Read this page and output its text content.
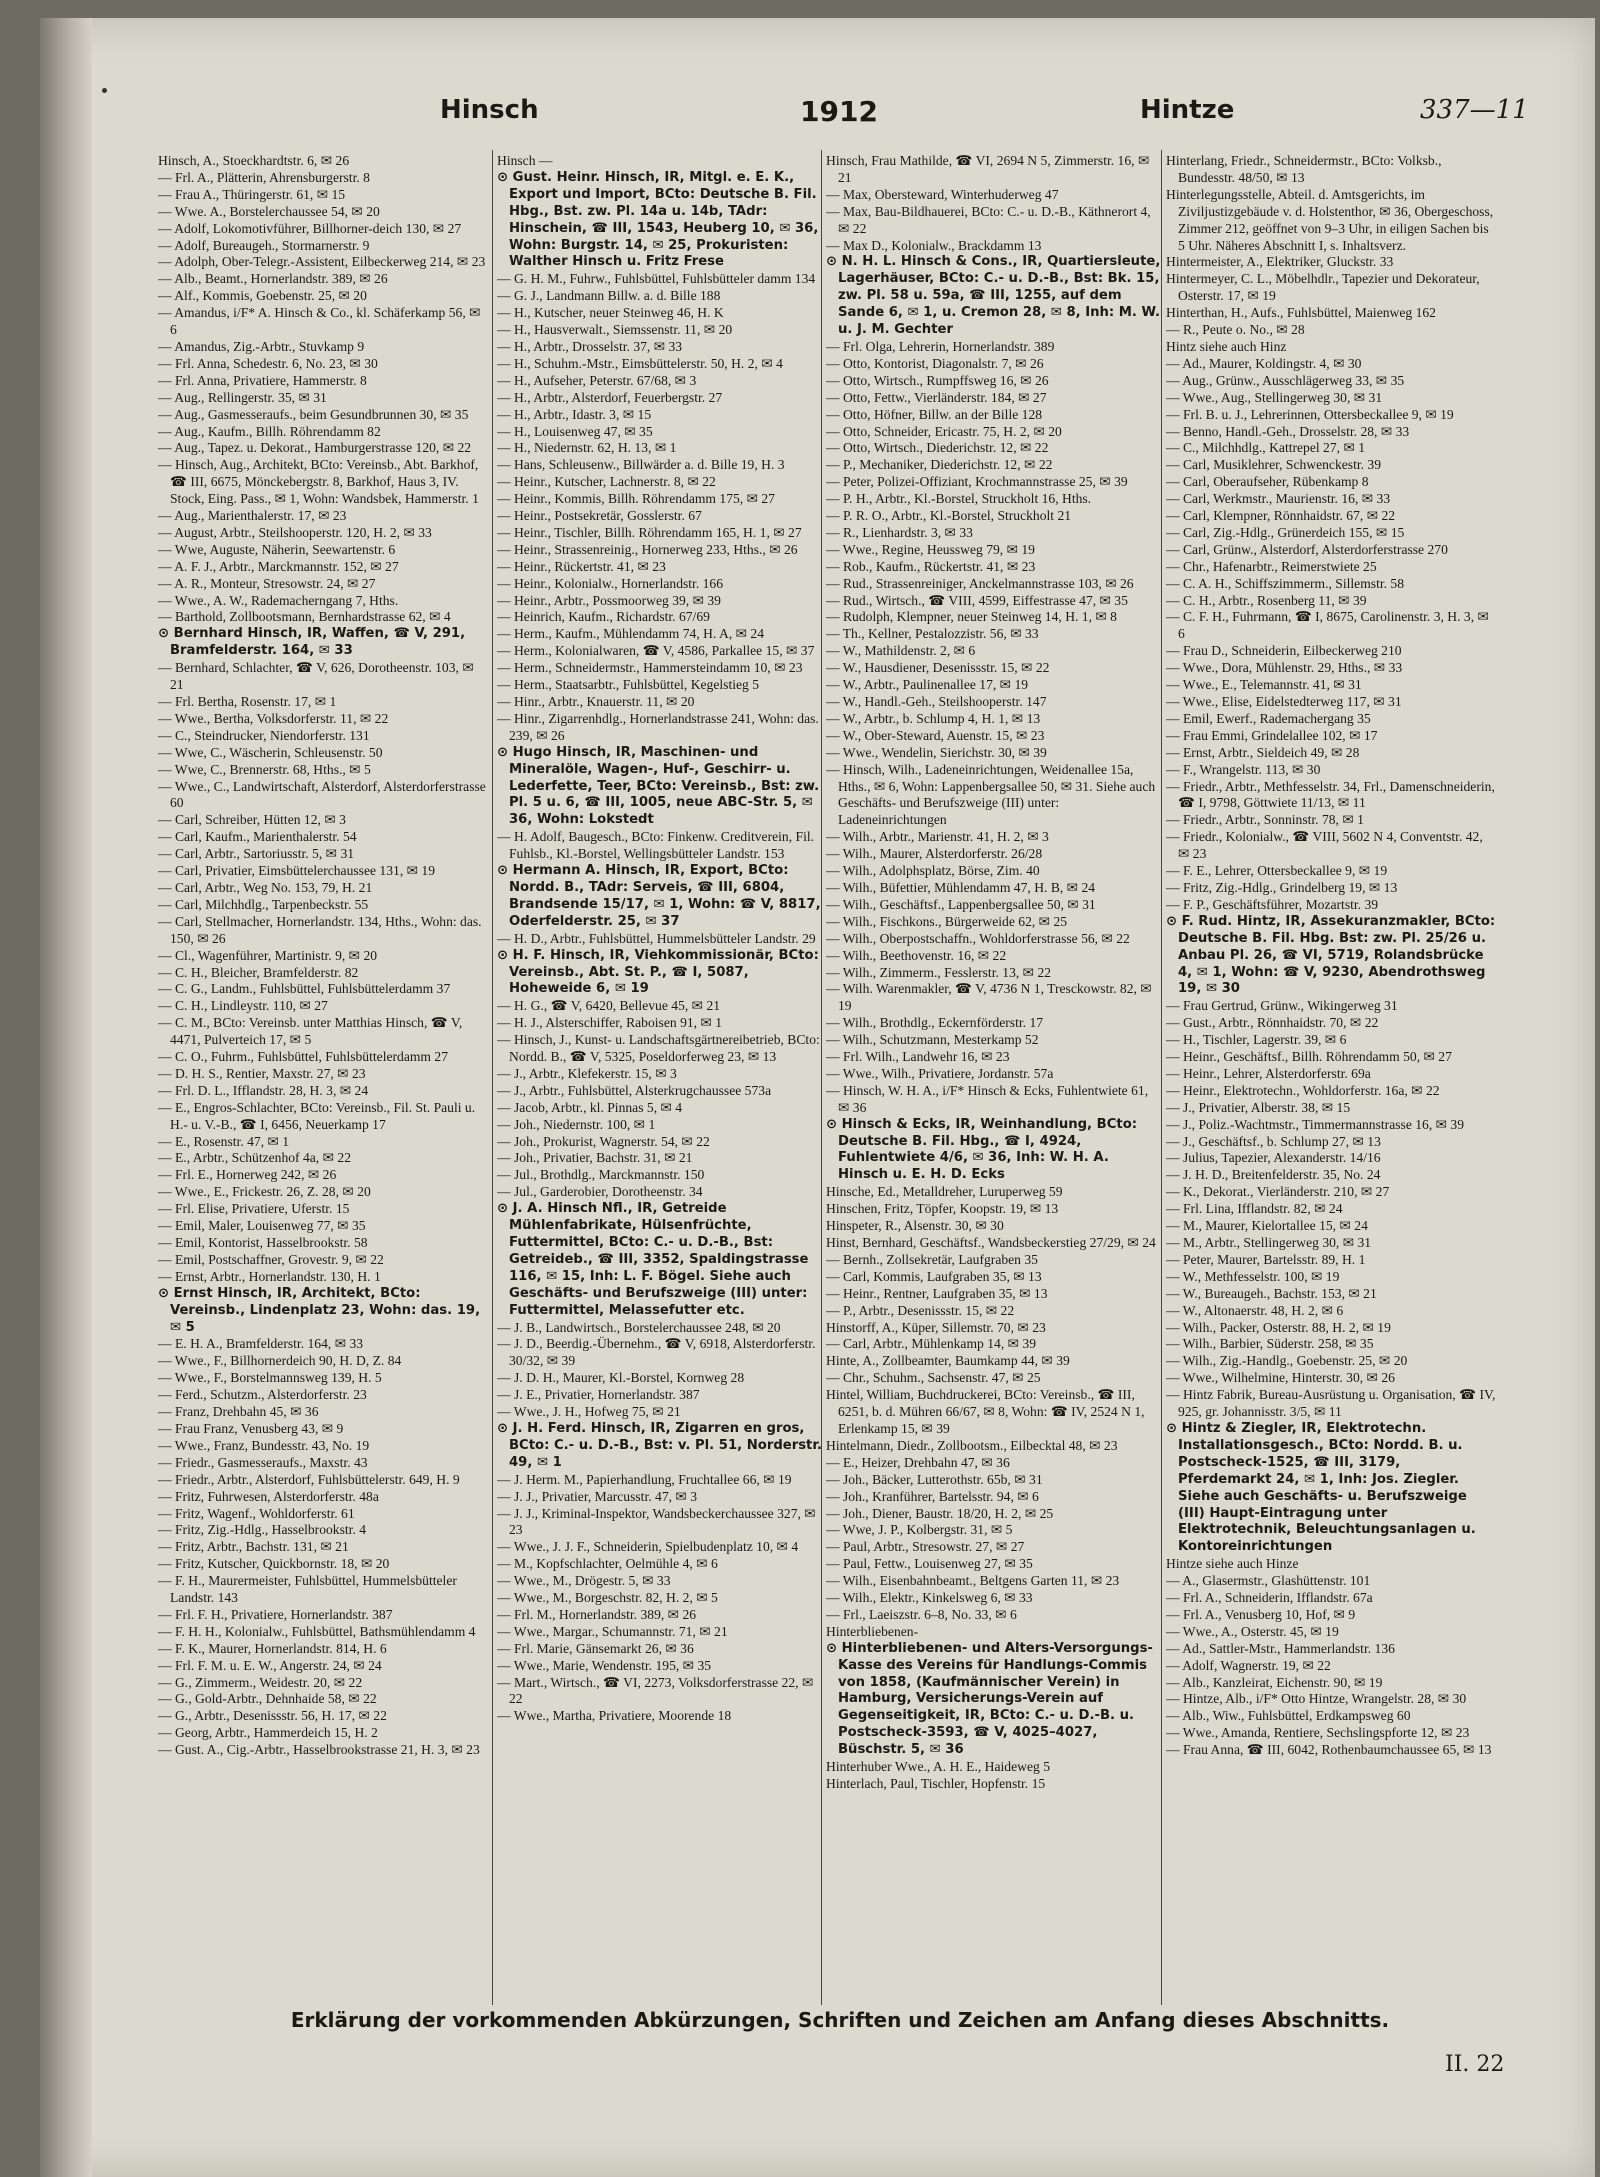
Hinsch	1912	Hintze	337—11

Hinsch, A., Stoeckhardtstr. 6, ✉ 26

— Frl. A., Plätterin, Ahrensburgerstr. 8

— Frau A., Thüringerstr. 61, ✉ 15

— Wwe. A., Borstelerchaussee 54, ✉ 20

— Adolf, Lokomotivführer, Billhorner-deich 130, ✉ 27

— Adolf, Bureaugeh., Stormarnerstr. 9

— Adolph, Ober-Telegr.-Assistent, Eilbeckerweg 214, ✉ 23

— Alb., Beamt., Hornerlandstr. 389, ✉ 26

— Alf., Kommis, Goebenstr. 25, ✉ 20

— Amandus, i/F* A. Hinsch & Co., kl. Schäferkamp 56, ✉ 6

— Amandus, Zig.-Arbtr., Stuvkamp 9

— Frl. Anna, Schedestr. 6, No. 23, ✉ 30

— Frl. Anna, Privatiere, Hammerstr. 8

— Aug., Rellingerstr. 35, ✉ 31

— Aug., Gasmesseraufs., beim Gesundbrunnen 30, ✉ 35

— Aug., Kaufm., Billh. Röhrendamm 82

— Aug., Tapez. u. Dekorat., Hamburgerstrasse 120, ✉ 22

— Hinsch, Aug., Architekt, BCto: Vereinsb., Abt. Barkhof, ☎ III, 6675, Mönckebergstr. 8, Barkhof, Haus 3, IV. Stock, Eing. Pass., ✉ 1, Wohn: Wandsbek, Hammerstr. 1

— Aug., Marienthalerstr. 17, ✉ 23

— August, Arbtr., Steilshooperstr. 120, H. 2, ✉ 33

— Wwe, Auguste, Näherin, Seewartenstr. 6

— A. F. J., Arbtr., Marckmannstr. 152, ✉ 27

— A. R., Monteur, Stresowstr. 24, ✉ 27

— Wwe., A. W., Rademacherngang 7, Hths.

— Barthold, Zollbootsmann, Bernhardstrasse 62, ✉ 4

⊙ Bernhard Hinsch, IR, Waffen, ☎ V, 291, Bramfelderstr. 164, ✉ 33

— Bernhard, Schlachter, ☎ V, 626, Dorotheenstr. 103, ✉ 21

— Frl. Bertha, Rosenstr. 17, ✉ 1

— Wwe., Bertha, Volksdorferstr. 11, ✉ 22

— C., Steindrucker, Niendorferstr. 131

— Wwe, C., Wäscherin, Schleusenstr. 50

— Wwe, C., Brennerstr. 68, Hths., ✉ 5

— Wwe., C., Landwirtschaft, Alsterdorf, Alsterdorferstrasse 60

— Carl, Schreiber, Hütten 12, ✉ 3

— Carl, Kaufm., Marienthalerstr. 54

— Carl, Arbtr., Sartoriusstr. 5, ✉ 31

— Carl, Privatier, Eimsbüttelerchaussee 131, ✉ 19

— Carl, Arbtr., Weg No. 153, 79, H. 21

— Carl, Milchhdlg., Tarpenbeckstr. 55

— Carl, Stellmacher, Hornerlandstr. 134, Hths., Wohn: das. 150, ✉ 26

— Cl., Wagenführer, Martinistr. 9, ✉ 20

— C. H., Bleicher, Bramfelderstr. 82

— C. G., Landm., Fuhlsbüttel, Fuhlsbüttelerdamm 37

— C. H., Lindleystr. 110, ✉ 27

— C. M., BCto: Vereinsb. unter Matthias Hinsch, ☎ V, 4471, Pulverteich 17, ✉ 5

— C. O., Fuhrm., Fuhlsbüttel, Fuhlsbüttelerdamm 27

— D. H. S., Rentier, Maxstr. 27, ✉ 23

— Frl. D. L., Ifflandstr. 28, H. 3, ✉ 24

— E., Engros-Schlachter, BCto: Vereinsb., Fil. St. Pauli u. H.- u. V.-B., ☎ I, 6456, Neuerkamp 17

— E., Rosenstr. 47, ✉ 1

— E., Arbtr., Schützenhof 4a, ✉ 22

— Frl. E., Hornerweg 242, ✉ 26

— Wwe., E., Frickestr. 26, Z. 28, ✉ 20

— Frl. Elise, Privatiere, Uferstr. 15

— Emil, Maler, Louisenweg 77, ✉ 35

— Emil, Kontorist, Hasselbrookstr. 58

— Emil, Postschaffner, Grovestr. 9, ✉ 22

— Ernst, Arbtr., Hornerlandstr. 130, H. 1

⊙ Ernst Hinsch, IR, Architekt, BCto: Vereinsb., Lindenplatz 23, Wohn: das. 19, ✉ 5

— E. H. A., Bramfelderstr. 164, ✉ 33

— Wwe., F., Billhornerdeich 90, H. D, Z. 84

— Wwe., F., Borstelmannsweg 139, H. 5

— Ferd., Schutzm., Alsterdorferstr. 23

— Franz, Drehbahn 45, ✉ 36

— Frau Franz, Venusberg 43, ✉ 9

— Wwe., Franz, Bundesstr. 43, No. 19

— Friedr., Gasmesseraufs., Maxstr. 43

— Friedr., Arbtr., Alsterdorf, Fuhlsbüttelerstr. 649, H. 9

— Fritz, Fuhrwesen, Alsterdorferstr. 48a

— Fritz, Wagenf., Wohldorferstr. 61

— Fritz, Zig.-Hdlg., Hasselbrookstr. 4

— Fritz, Arbtr., Bachstr. 131, ✉ 21

— Fritz, Kutscher, Quickbornstr. 18, ✉ 20

— F. H., Maurermeister, Fuhlsbüttel, Hummelsbütteler Landstr. 143

— Frl. F. H., Privatiere, Hornerlandstr. 387

— F. H. H., Kolonialw., Fuhlsbüttel, Bathsmühlendamm 4

— F. K., Maurer, Hornerlandstr. 814, H. 6

— Frl. F. M. u. E. W., Angerstr. 24, ✉ 24

— G., Zimmerm., Weidestr. 20, ✉ 22

— G., Gold-Arbtr., Dehnhaide 58, ✉ 22

— G., Arbtr., Desenissstr. 56, H. 17, ✉ 22

— Georg, Arbtr., Hammerdeich 15, H. 2

— Gust. A., Cig.-Arbtr., Hasselbrookstrasse 21, H. 3, ✉ 23

Hinsch —

⊙ Gust. Heinr. Hinsch, IR, Mitgl. e. E. K., Export und Import, BCto: Deutsche B. Fil. Hbg., Bst. zw. Pl. 14a u. 14b, TAdr: Hinschein, ☎ III, 1543, Heuberg 10, ✉ 36, Wohn: Burgstr. 14, ✉ 25, Prokuristen: Walther Hinsch u. Fritz Frese

— G. H. M., Fuhrw., Fuhlsbüttel, Fuhlsbütteler damm 134

— G. J., Landmann Billw. a. d. Bille 188

— H., Kutscher, neuer Steinweg 46, H. K

— H., Hausverwalt., Siemssenstr. 11, ✉ 20

— H., Arbtr., Drosselstr. 37, ✉ 33

— H., Schuhm.-Mstr., Eimsbüttelerstr. 50, H. 2, ✉ 4

— H., Aufseher, Peterstr. 67/68, ✉ 3

— H., Arbtr., Alsterdorf, Feuerbergstr. 27

— H., Arbtr., Idastr. 3, ✉ 15

— H., Louisenweg 47, ✉ 35

— H., Niedernstr. 62, H. 13, ✉ 1

— Hans, Schleusenw., Billwärder a. d. Bille 19, H. 3

— Heinr., Kutscher, Lachnerstr. 8, ✉ 22

— Heinr., Kommis, Billh. Röhrendamm 175, ✉ 27

— Heinr., Postsekretär, Gosslerstr. 67

— Heinr., Tischler, Billh. Röhrendamm 165, H. 1, ✉ 27

— Heinr., Strassenreinig., Hornerweg 233, Hths., ✉ 26

— Heinr., Rückertstr. 41, ✉ 23

— Heinr., Kolonialw., Hornerlandstr. 166

— Heinr., Arbtr., Possmoorweg 39, ✉ 39

— Heinrich, Kaufm., Richardstr. 67/69

— Herm., Kaufm., Mühlendamm 74, H. A, ✉ 24

— Herm., Kolonialwaren, ☎ V, 4586, Parkallee 15, ✉ 37

— Herm., Schneidermstr., Hammersteindamm 10, ✉ 23

— Herm., Staatsarbtr., Fuhlsbüttel, Kegelstieg 5

— Hinr., Arbtr., Knauerstr. 11, ✉ 20

— Hinr., Zigarrenhdlg., Hornerlandstrasse 241, Wohn: das. 239, ✉ 26

⊙ Hugo Hinsch, IR, Maschinen- und Mineralöle, Wagen-, Huf-, Geschirr- u. Lederfette, Teer, BCto: Vereinsb., Bst: zw. Pl. 5 u. 6, ☎ III, 1005, neue ABC-Str. 5, ✉ 36, Wohn: Lokstedt

— H. Adolf, Baugesch., BCto: Finkenw. Creditverein, Fil. Fuhlsb., Kl.-Borstel, Wellingsbütteler Landstr. 153

⊙ Hermann A. Hinsch, IR, Export, BCto: Nordd. B., TAdr: Serveis, ☎ III, 6804, Brandsende 15/17, ✉ 1, Wohn: ☎ V, 8817, Oderfelderstr. 25, ✉ 37

— H. D., Arbtr., Fuhlsbüttel, Hummelsbütteler Landstr. 29

⊙ H. F. Hinsch, IR, Viehkommissionär, BCto: Vereinsb., Abt. St. P., ☎ I, 5087, Hoheweide 6, ✉ 19

— H. G., ☎ V, 6420, Bellevue 45, ✉ 21

— H. J., Alsterschiffer, Raboisen 91, ✉ 1

— Hinsch, J., Kunst- u. Landschaftsgärtnereibetrieb, BCto: Nordd. B., ☎ V, 5325, Poseldorferweg 23, ✉ 13

— J., Arbtr., Klefekerstr. 15, ✉ 3

— J., Arbtr., Fuhlsbüttel, Alsterkrugchaussee 573a

— Jacob, Arbtr., kl. Pinnas 5, ✉ 4

— Joh., Niedernstr. 100, ✉ 1

— Joh., Prokurist, Wagnerstr. 54, ✉ 22

— Joh., Privatier, Bachstr. 31, ✉ 21

— Jul., Brothdlg., Marckmannstr. 150

— Jul., Garderobier, Dorotheenstr. 34

⊙ J. A. Hinsch Nfl., IR, Getreide Mühlenfabrikate, Hülsenfrüchte, Futtermittel, BCto: C.- u. D.-B., Bst: Getreideb., ☎ III, 3352, Spaldingstrasse 116, ✉ 15, Inh: L. F. Bögel. Siehe auch Geschäfts- und Berufszweige (III) unter: Futtermittel, Melassefutter etc.

— J. B., Landwirtsch., Borstelerchaussee 248, ✉ 20

— J. D., Beerdig.-Übernehm., ☎ V, 6918, Alsterdorferstr. 30/32, ✉ 39

— J. D. H., Maurer, Kl.-Borstel, Kornweg 28

— J. E., Privatier, Hornerlandstr. 387

— Wwe., J. H., Hofweg 75, ✉ 21

⊙ J. H. Ferd. Hinsch, IR, Zigarren en gros, BCto: C.- u. D.-B., Bst: v. Pl. 51, Norderstr. 49, ✉ 1

— J. Herm. M., Papierhandlung, Fruchtallee 66, ✉ 19

— J. J., Privatier, Marcusstr. 47, ✉ 3

— J. J., Kriminal-Inspektor, Wandsbeckerchaussee 327, ✉ 23

— Wwe., J. J. F., Schneiderin, Spielbudenplatz 10, ✉ 4

— M., Kopfschlachter, Oelmühle 4, ✉ 6

— Wwe., M., Drögestr. 5, ✉ 33

— Wwe., M., Borgeschstr. 82, H. 2, ✉ 5

— Frl. M., Hornerlandstr. 389, ✉ 26

— Wwe., Margar., Schumannstr. 71, ✉ 21

— Frl. Marie, Gänsemarkt 26, ✉ 36

— Wwe., Marie, Wendenstr. 195, ✉ 35

— Mart., Wirtsch., ☎ VI, 2273, Volksdorferstrasse 22, ✉ 22

— Wwe., Martha, Privatiere, Moorende 18

Hinsch, Frau Mathilde, ☎ VI, 2694 N 5, Zimmerstr. 16, ✉ 21

— Max, Obersteward, Winterhuderweg 47

— Max, Bau-Bildhauerei, BCto: C.- u. D.-B., Käthnerort 4, ✉ 22

— Max D., Kolonialw., Brackdamm 13

⊙ N. H. L. Hinsch & Cons., IR, Quartiersleute, Lagerhäuser, BCto: C.- u. D.-B., Bst: Bk. 15, zw. Pl. 58 u. 59a, ☎ III, 1255, auf dem Sande 6, ✉ 1, u. Cremon 28, ✉ 8, Inh: M. W. u. J. M. Gechter

— Frl. Olga, Lehrerin, Hornerlandstr. 389

— Otto, Kontorist, Diagonalstr. 7, ✉ 26

— Otto, Wirtsch., Rumpffsweg 16, ✉ 26

— Otto, Fettw., Vierländerstr. 184, ✉ 27

— Otto, Höfner, Billw. an der Bille 128

— Otto, Schneider, Ericastr. 75, H. 2, ✉ 20

— Otto, Wirtsch., Diederichstr. 12, ✉ 22

— P., Mechaniker, Diederichstr. 12, ✉ 22

— Peter, Polizei-Offiziant, Krochmannstrasse 25, ✉ 39

— P. H., Arbtr., Kl.-Borstel, Struckholt 16, Hths.

— P. R. O., Arbtr., Kl.-Borstel, Struckholt 21

— R., Lienhardstr. 3, ✉ 33

— Wwe., Regine, Heussweg 79, ✉ 19

— Rob., Kaufm., Rückertstr. 41, ✉ 23

— Rud., Strassenreiniger, Anckelmannstrasse 103, ✉ 26

— Rud., Wirtsch., ☎ VIII, 4599, Eiffestrasse 47, ✉ 35

— Rudolph, Klempner, neuer Steinweg 14, H. 1, ✉ 8

— Th., Kellner, Pestalozzistr. 56, ✉ 33

— W., Mathildenstr. 2, ✉ 6

— W., Hausdiener, Desenissstr. 15, ✉ 22

— W., Arbtr., Paulinenallee 17, ✉ 19

— W., Handl.-Geh., Steilshooperstr. 147

— W., Arbtr., b. Schlump 4, H. 1, ✉ 13

— W., Ober-Steward, Auenstr. 15, ✉ 23

— Wwe., Wendelin, Sierichstr. 30, ✉ 39

— Hinsch, Wilh., Ladeneinrichtungen, Weidenallee 15a, Hths., ✉ 6, Wohn: Lappenbergsallee 50, ✉ 31. Siehe auch Geschäfts- und Berufszweige (III) unter: Ladeneinrichtungen

— Wilh., Arbtr., Marienstr. 41, H. 2, ✉ 3

— Wilh., Maurer, Alsterdorferstr. 26/28

— Wilh., Adolphsplatz, Börse, Zim. 40

— Wilh., Büfettier, Mühlendamm 47, H. B, ✉ 24

— Wilh., Geschäftsf., Lappenbergsallee 50, ✉ 31

— Wilh., Fischkons., Bürgerweide 62, ✉ 25

— Wilh., Oberpostschaffn., Wohldorferstrasse 56, ✉ 22

— Wilh., Beethovenstr. 16, ✉ 22

— Wilh., Zimmerm., Fesslerstr. 13, ✉ 22

— Wilh. Warenmakler, ☎ V, 4736 N 1, Tresckowstr. 82, ✉ 19

— Wilh., Brothdlg., Eckernförderstr. 17

— Wilh., Schutzmann, Mesterkamp 52

— Frl. Wilh., Landwehr 16, ✉ 23

— Wwe., Wilh., Privatiere, Jordanstr. 57a

— Hinsch, W. H. A., i/F* Hinsch & Ecks, Fuhlentwiete 61, ✉ 36

⊙ Hinsch & Ecks, IR, Weinhandlung, BCto: Deutsche B. Fil. Hbg., ☎ I, 4924, Fuhlentwiete 4/6, ✉ 36, Inh: W. H. A. Hinsch u. E. H. D. Ecks

Hinsche, Ed., Metalldreher, Luruperweg 59

Hinschen, Fritz, Töpfer, Koopstr. 19, ✉ 13

Hinspeter, R., Alsenstr. 30, ✉ 30

Hinst, Bernhard, Geschäftsf., Wandsbeckerstieg 27/29, ✉ 24

— Bernh., Zollsekretär, Laufgraben 35

— Carl, Kommis, Laufgraben 35, ✉ 13

— Heinr., Rentner, Laufgraben 35, ✉ 13

— P., Arbtr., Desenissstr. 15, ✉ 22

Hinstorff, A., Küper, Sillemstr. 70, ✉ 23

— Carl, Arbtr., Mühlenkamp 14, ✉ 39

Hinte, A., Zollbeamter, Baumkamp 44, ✉ 39

— Chr., Schuhm., Sachsenstr. 47, ✉ 25

Hintel, William, Buchdruckerei, BCto: Vereinsb., ☎ III, 6251, b. d. Mühren 66/67, ✉ 8, Wohn: ☎ IV, 2524 N 1, Erlenkamp 15, ✉ 39

Hintelmann, Diedr., Zollbootsm., Eilbecktal 48, ✉ 23

— E., Heizer, Drehbahn 47, ✉ 36

— Joh., Bäcker, Lutterothstr. 65b, ✉ 31

— Joh., Kranführer, Bartelsstr. 94, ✉ 6

— Joh., Diener, Baustr. 18/20, H. 2, ✉ 25

— Wwe, J. P., Kolbergstr. 31, ✉ 5

— Paul, Arbtr., Stresowstr. 27, ✉ 27

— Paul, Fettw., Louisenweg 27, ✉ 35

— Wilh., Eisenbahnbeamt., Beltgens Garten 11, ✉ 23

— Wilh., Elektr., Kinkelsweg 6, ✉ 33

— Frl., Laeiszstr. 6–8, No. 33, ✉ 6

Hinterbliebenen-

⊙ Hinterbliebenen- und Alters-Versorgungs-Kasse des Vereins für Handlungs-Commis von 1858, (Kaufmännischer Verein) in Hamburg, Versicherungs-Verein auf Gegenseitigkeit, IR, BCto: C.- u. D.-B. u. Postscheck-3593, ☎ V, 4025–4027, Büschstr. 5, ✉ 36

Hinterhuber Wwe., A. H. E., Haideweg 5

Hinterlach, Paul, Tischler, Hopfenstr. 15

Hinterlang, Friedr., Schneidermstr., BCto: Volksb., Bundesstr. 48/50, ✉ 13

Hinterlegungsstelle, Abteil. d. Amtsgerichts, im Ziviljustizgebäude v. d. Holstenthor, ✉ 36, Obergeschoss, Zimmer 212, geöffnet von 9–3 Uhr, in eiligen Sachen bis 5 Uhr. Näheres Abschnitt I, s. Inhaltsverz.

Hintermeister, A., Elektriker, Gluckstr. 33

Hintermeyer, C. L., Möbelhdlr., Tapezier und Dekorateur, Osterstr. 17, ✉ 19

Hinterthan, H., Aufs., Fuhlsbüttel, Maienweg 162

— R., Peute o. No., ✉ 28

Hintz siehe auch Hinz

— Ad., Maurer, Koldingstr. 4, ✉ 30

— Aug., Grünw., Ausschlägerweg 33, ✉ 35

— Wwe., Aug., Stellingerweg 30, ✉ 31

— Frl. B. u. J., Lehrerinnen, Ottersbeckallee 9, ✉ 19

— Benno, Handl.-Geh., Drosselstr. 28, ✉ 33

— C., Milchhdlg., Kattrepel 27, ✉ 1

— Carl, Musiklehrer, Schwenckestr. 39

— Carl, Oberaufseher, Rübenkamp 8

— Carl, Werkmstr., Maurienstr. 16, ✉ 33

— Carl, Klempner, Rönnhaidstr. 67, ✉ 22

— Carl, Zig.-Hdlg., Grünerdeich 155, ✉ 15

— Carl, Grünw., Alsterdorf, Alsterdorferstrasse 270

— Chr., Hafenarbtr., Reimerstwiete 25

— C. A. H., Schiffszimmerm., Sillemstr. 58

— C. H., Arbtr., Rosenberg 11, ✉ 39

— C. F. H., Fuhrmann, ☎ I, 8675, Carolinenstr. 3, H. 3, ✉ 6

— Frau D., Schneiderin, Eilbeckerweg 210

— Wwe., Dora, Mühlenstr. 29, Hths., ✉ 33

— Wwe., E., Telemannstr. 41, ✉ 31

— Wwe., Elise, Eidelstedterweg 117, ✉ 31

— Emil, Ewerf., Rademachergang 35

— Frau Emmi, Grindelallee 102, ✉ 17

— Ernst, Arbtr., Sieldeich 49, ✉ 28

— F., Wrangelstr. 113, ✉ 30

— Friedr., Arbtr., Methfesselstr. 34, Frl., Damenschneiderin, ☎ I, 9798, Göttwiete 11/13, ✉ 11

— Friedr., Arbtr., Sonninstr. 78, ✉ 1

— Friedr., Kolonialw., ☎ VIII, 5602 N 4, Conventstr. 42, ✉ 23

— F. E., Lehrer, Ottersbeckallee 9, ✉ 19

— Fritz, Zig.-Hdlg., Grindelberg 19, ✉ 13

— F. P., Geschäftsführer, Mozartstr. 39

⊙ F. Rud. Hintz, IR, Assekuranzmakler, BCto: Deutsche B. Fil. Hbg. Bst: zw. Pl. 25/26 u. Anbau Pl. 26, ☎ VI, 5719, Rolandsbrücke 4, ✉ 1, Wohn: ☎ V, 9230, Abendrothsweg 19, ✉ 30

— Frau Gertrud, Grünw., Wikingerweg 31

— Gust., Arbtr., Rönnhaidstr. 70, ✉ 22

— H., Tischler, Lagerstr. 39, ✉ 6

— Heinr., Geschäftsf., Billh. Röhrendamm 50, ✉ 27

— Heinr., Lehrer, Alsterdorferstr. 69a

— Heinr., Elektrotechn., Wohldorferstr. 16a, ✉ 22

— J., Privatier, Alberstr. 38, ✉ 15

— J., Poliz.-Wachtmstr., Timmermannstrasse 16, ✉ 39

— J., Geschäftsf., b. Schlump 27, ✉ 13

— Julius, Tapezier, Alexanderstr. 14/16

— J. H. D., Breitenfelderstr. 35, No. 24

— K., Dekorat., Vierländerstr. 210, ✉ 27

— Frl. Lina, Ifflandstr. 82, ✉ 24

— M., Maurer, Kielortallee 15, ✉ 24

— M., Arbtr., Stellingerweg 30, ✉ 31

— Peter, Maurer, Bartelsstr. 89, H. 1

— W., Methfesselstr. 100, ✉ 19

— W., Bureaugeh., Bachstr. 153, ✉ 21

— W., Altonaerstr. 48, H. 2, ✉ 6

— Wilh., Packer, Osterstr. 88, H. 2, ✉ 19

— Wilh., Barbier, Süderstr. 258, ✉ 35

— Wilh., Zig.-Handlg., Goebenstr. 25, ✉ 20

— Wwe., Wilhelmine, Hinterstr. 30, ✉ 26

— Hintz Fabrik, Bureau-Ausrüstung u. Organisation, ☎ IV, 925, gr. Johannisstr. 3/5, ✉ 11

⊙ Hintz & Ziegler, IR, Elektrotechn. Installationsgesch., BCto: Nordd. B. u. Postscheck-1525, ☎ III, 3179, Pferdemarkt 24, ✉ 1, Inh: Jos. Ziegler. Siehe auch Geschäfts- u. Berufszweige (III) Haupt-Eintragung unter Elektrotechnik, Beleuchtungsanlagen u. Kontoreinrichtungen

Hintze siehe auch Hinze

— A., Glasermstr., Glashüttenstr. 101

— Frl. A., Schneiderin, Ifflandstr. 67a

— Frl. A., Venusberg 10, Hof, ✉ 9

— Wwe., A., Osterstr. 45, ✉ 19

— Ad., Sattler-Mstr., Hammerlandstr. 136

— Adolf, Wagnerstr. 19, ✉ 22

— Alb., Kanzleirat, Eichenstr. 90, ✉ 19

— Hintze, Alb., i/F* Otto Hintze, Wrangelstr. 28, ✉ 30

— Alb., Wiw., Fuhlsbüttel, Erdkampsweg 60

— Wwe., Amanda, Rentiere, Sechslingspforte 12, ✉ 23

— Frau Anna, ☎ III, 6042, Rothenbaumchaussee 65, ✉ 13

Erklärung der vorkommenden Abkürzungen, Schriften und Zeichen am Anfang dieses Abschnitts.
II. 22
